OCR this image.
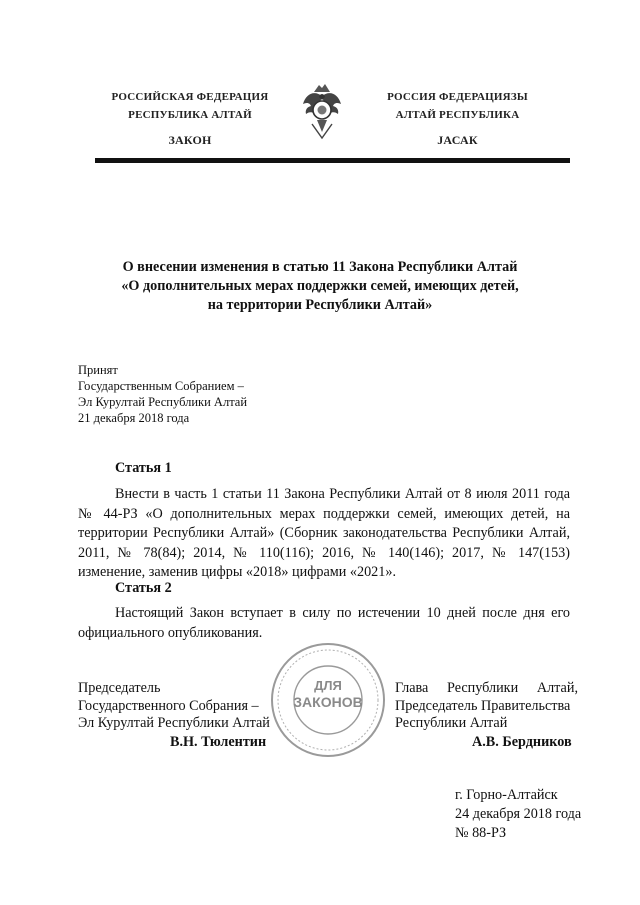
РОССИЙСКАЯ ФЕДЕРАЦИЯ
РЕСПУБЛИКА АЛТАЙ
ЗАКОН
РОССИЯ ФЕДЕРАЦИЯЗЫ
АЛТАЙ РЕСПУБЛИКА
JАСАК
О внесении изменения в статью 11 Закона Республики Алтай
«О дополнительных мерах поддержки семей, имеющих детей,
на территории Республики Алтай»
Принят
Государственным Собранием –
Эл Курултай Республики Алтай
21 декабря 2018 года
Статья 1
Внести в часть 1 статьи 11 Закона Республики Алтай от 8 июля 2011 года № 44-РЗ «О дополнительных мерах поддержки семей, имеющих детей, на территории Республики Алтай» (Сборник законодательства Республики Алтай, 2011, № 78(84); 2014, № 110(116); 2016, № 140(146); 2017, № 147(153) изменение, заменив цифры «2018» цифрами «2021».
Статья 2
Настоящий Закон вступает в силу по истечении 10 дней после дня его официального опубликования.
ДЛЯ
ЗАКОНОВ
Председатель
Государственного Собрания –
Эл Курултай Республики Алтай
В.Н. Тюлентин
Глава Республики Алтай,
Председатель Правительства
Республики Алтай
А.В. Бердников
г. Горно-Алтайск
24 декабря 2018 года
№ 88-РЗ
